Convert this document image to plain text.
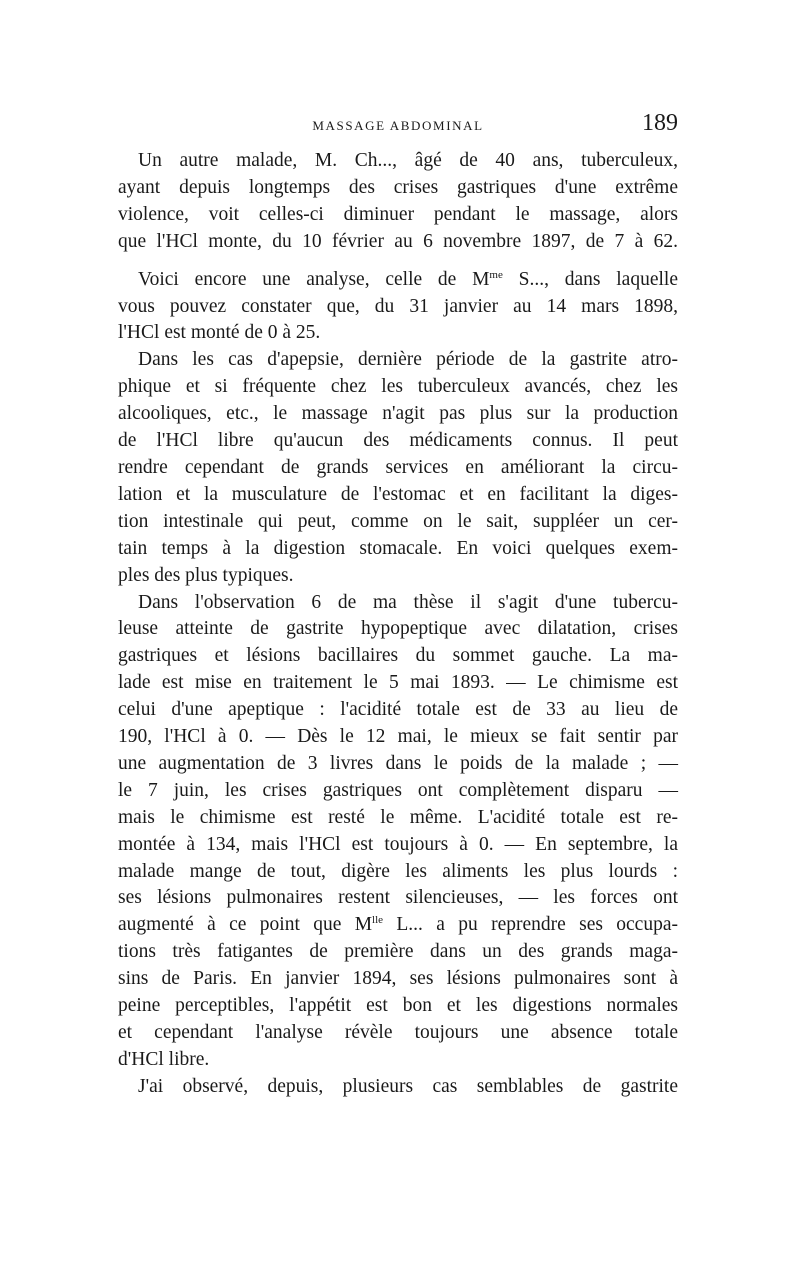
MASSAGE ABDOMINAL	189

Un autre malade, M. Ch..., âgé de 40 ans, tuberculeux,
ayant depuis longtemps des crises gastriques d'une extrême
violence, voit celles-ci diminuer pendant le massage, alors
que l'HCl monte, du 10 février au 6 novembre 1897, de 7 à 62.

Voici encore une analyse, celle de $M^{me}$ S..., dans laquelle
vous pouvez constater que, du 31 janvier au 14 mars 1898,
l'HCl est monté de 0 à 25.

Dans les cas d'apepsie, dernière période de la gastrite atro-
phique et si fréquente chez les tuberculeux avancés, chez les
alcooliques, etc., le massage n'agit pas plus sur la production
de l'HCl libre qu'aucun des médicaments connus. Il peut
rendre cependant de grands services en améliorant la circu-
lation et la musculature de l'estomac et en facilitant la diges-
tion intestinale qui peut, comme on le sait, suppléer un cer-
tain temps à la digestion stomacale. En voici quelques exem-
ples des plus typiques.

Dans l'observation 6 de ma thèse il s'agit d'une tubercu-
leuse atteinte de gastrite hypopeptique avec dilatation, crises
gastriques et lésions bacillaires du sommet gauche. La ma-
lade est mise en traitement le 5 mai 1893. — Le chimisme est
celui d'une apeptique : l'acidité totale est de 33 au lieu de
190, l'HCl à 0. — Dès le 12 mai, le mieux se fait sentir par
une augmentation de 3 livres dans le poids de la malade ; —
le 7 juin, les crises gastriques ont complètement disparu —
mais le chimisme est resté le même. L'acidité totale est re-
montée à 134, mais l'HCl est toujours à 0. — En septembre, la
malade mange de tout, digère les aliments les plus lourds :
ses lésions pulmonaires restent silencieuses, — les forces ont
augmenté à ce point que $M^{lle}$ L... a pu reprendre ses occupa-
tions très fatigantes de première dans un des grands maga-
sins de Paris. En janvier 1894, ses lésions pulmonaires sont à
peine perceptibles, l'appétit est bon et les digestions normales
et cependant l'analyse révèle toujours une absence totale
d'HCl libre.

J'ai observé, depuis, plusieurs cas semblables de gastrite
